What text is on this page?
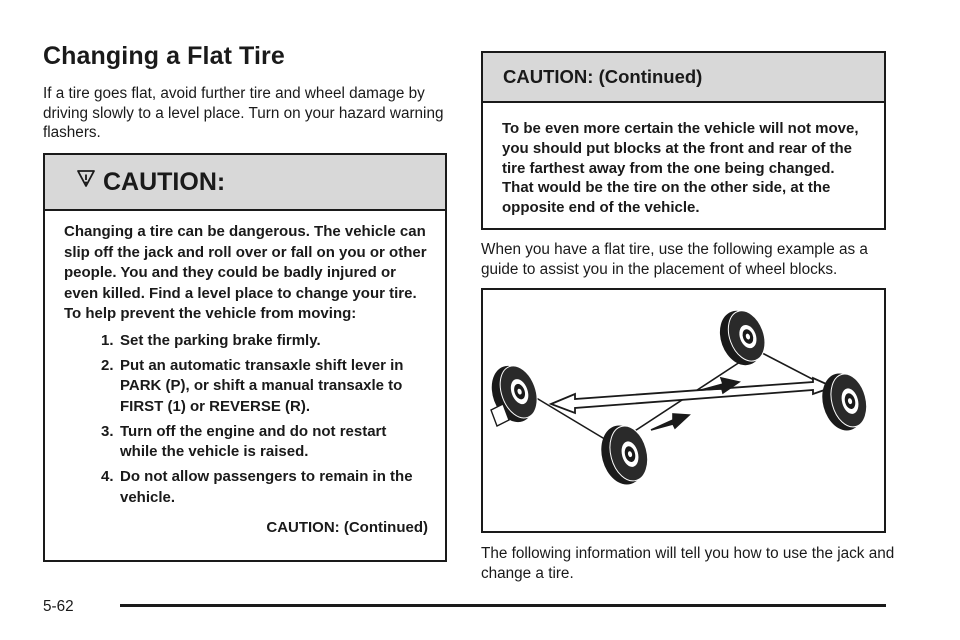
Changing a Flat Tire

If a tire goes flat, avoid further tire and wheel damage by driving slowly to a level place. Turn on your hazard warning flashers.

CAUTION:

Changing a tire can be dangerous. The vehicle can slip off the jack and roll over or fall on you or other people. You and they could be badly injured or even killed. Find a level place to change your tire. To help prevent the vehicle from moving:

1. Set the parking brake firmly.
2. Put an automatic transaxle shift lever in PARK (P), or shift a manual transaxle to FIRST (1) or REVERSE (R).
3. Turn off the engine and do not restart while the vehicle is raised.
4. Do not allow passengers to remain in the vehicle.
CAUTION: (Continued)
CAUTION: (Continued)

To be even more certain the vehicle will not move, you should put blocks at the front and rear of the tire farthest away from the one being changed. That would be the tire on the other side, at the opposite end of the vehicle.

When you have a flat tire, use the following example as a guide to assist you in the placement of wheel blocks.

The following information will tell you how to use the jack and change a tire.

5-62
